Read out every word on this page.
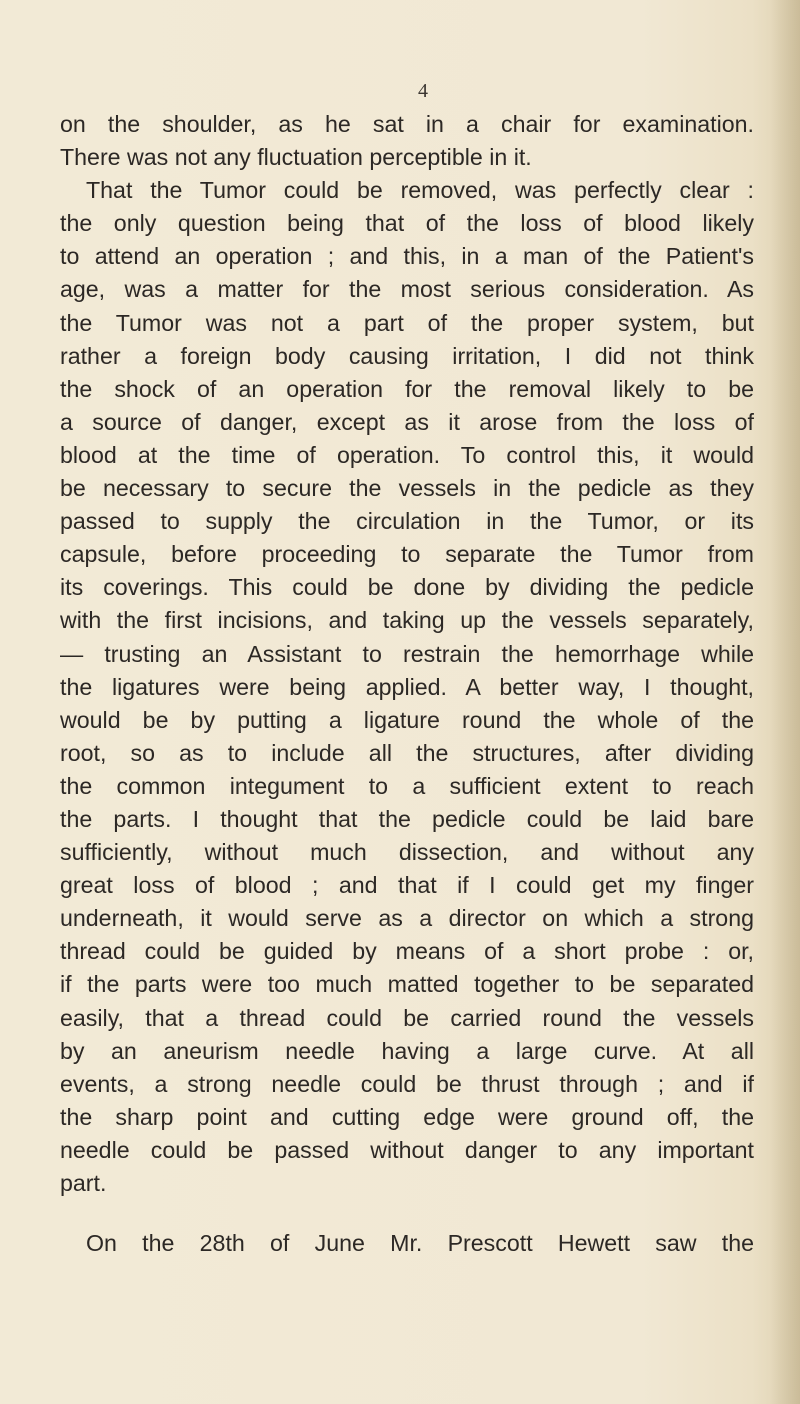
4
on the shoulder, as he sat in a chair for examination.
There was not any fluctuation perceptible in it.
That the Tumor could be removed, was perfectly clear :
the only question being that of the loss of blood likely
to attend an operation ; and this, in a man of the Patient's
age, was a matter for the most serious consideration. As
the Tumor was not a part of the proper system, but
rather a foreign body causing irritation, I did not think
the shock of an operation for the removal likely to be
a source of danger, except as it arose from the loss of
blood at the time of operation. To control this, it would
be necessary to secure the vessels in the pedicle as they
passed to supply the circulation in the Tumor, or its
capsule, before proceeding to separate the Tumor from
its coverings. This could be done by dividing the pedicle
with the first incisions, and taking up the vessels separately,
— trusting an Assistant to restrain the hemorrhage while
the ligatures were being applied. A better way, I thought,
would be by putting a ligature round the whole of the
root, so as to include all the structures, after dividing
the common integument to a sufficient extent to reach
the parts. I thought that the pedicle could be laid bare
sufficiently, without much dissection, and without any
great loss of blood ; and that if I could get my finger
underneath, it would serve as a director on which a strong
thread could be guided by means of a short probe : or,
if the parts were too much matted together to be separated
easily, that a thread could be carried round the vessels
by an aneurism needle having a large curve. At all
events, a strong needle could be thrust through ; and if
the sharp point and cutting edge were ground off, the
needle could be passed without danger to any important
part.
On the 28th of June Mr. Prescott Hewett saw the
